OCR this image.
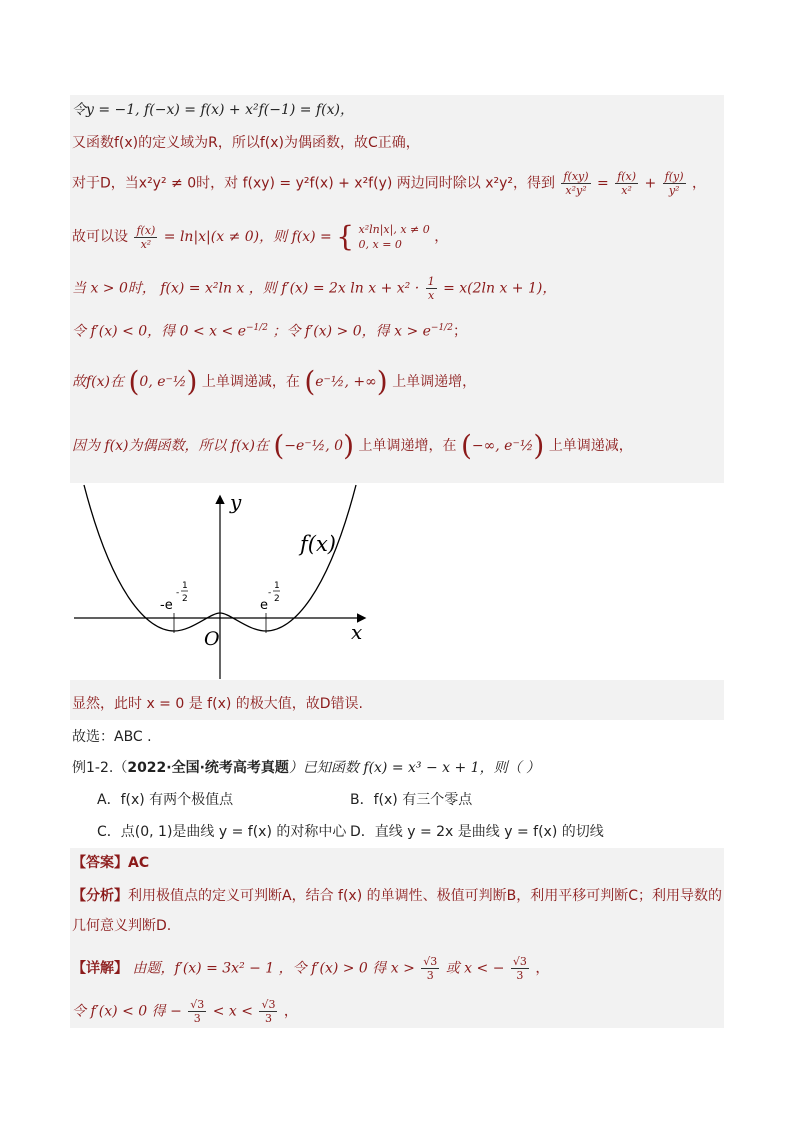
令y = −1, f(−x) = f(x) + x²f(−1) = f(x)，
又函数f(x)的定义域为R，所以f(x)为偶函数，故C正确，
对于D，当x²y² ≠ 0时，对 f(xy) = y²f(x) + x²f(y) 两边同时除以 x²y²，得到 $\frac{f(xy)}{\text{x²y²}} = \frac{f(x)}{\text{x²}} + \frac{f(y)}{\text{y²}}$ ，
故可以设 $\frac{f(x)}{\text{x²}} = \ln|x|(x \ne 0)$，则 f(x) = { x²ln|x|, x ≠ 0
0, x = 0	，
当 x > 0时， f(x) = x²ln x ，则 f′(x) = 2x $\ln x + x^2 \cdot \frac{1}{x} = x(2\ln$ x + 1)，
令 f′(x) < 0，得 $0 < x < e^{-1/2}$ ；令 f′(x) > 0，得 $x > e^{-1/2}$；
故f(x)在 (0, e⁻½) 上单调递减，在 (e⁻½, +∞) 上单调递增，
因为 f(x)为偶函数，所以 f(x)在 (−e⁻½, 0) 上单调递增，在 (−∞, e⁻½) 上单调递减，
y
x
O
f(x)
-e
-
1
2	e
-
1
2
显然，此时 x = 0 是 f(x) 的极大值，故D错误.
故选：ABC .
例1-2.（2022·全国·统考高考真题）已知函数 f(x) = x³ − x + 1，则（ ）
A．f(x) 有两个极值点	B．f(x) 有三个零点
C．点(0, 1)是曲线 y = f(x) 的对称中心 D．直线 y = 2x 是曲线 y = f(x) 的切线
【答案】AC
【分析】利用极值点的定义可判断A，结合 f(x) 的单调性、极值可判断B，利用平移可判断C；利用导数的
几何意义判断D.
【详解】 由题，f′(x) = 3x² − 1 ，令 f′(x) > 0 得 $x > \frac{√3}{3}$ 或 x < − $\frac{√3}{3}$ ，
令 f′(x) < 0 得 − $\frac{√3}{3} < x < \frac{√3}{3}$ ，
